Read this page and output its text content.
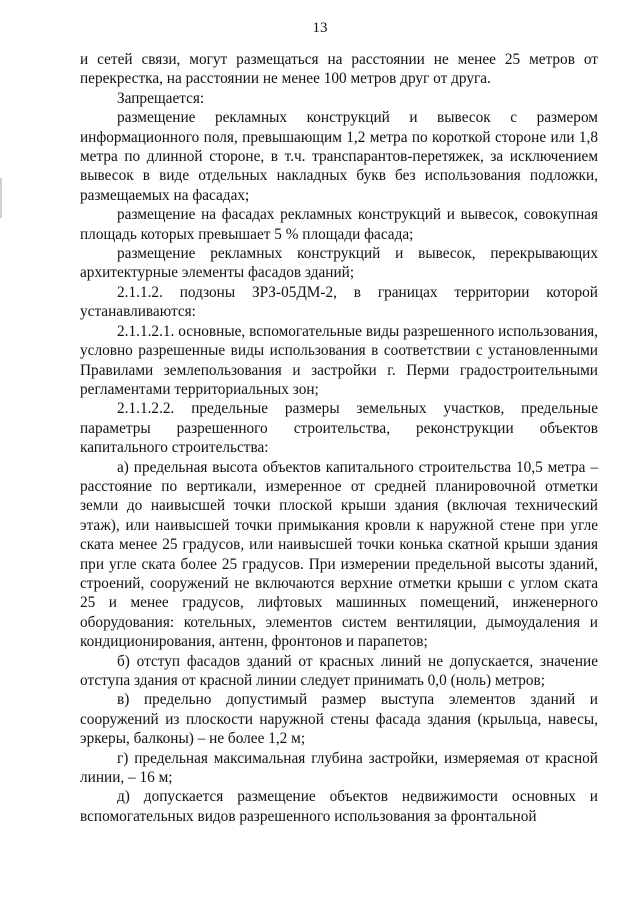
13

и сетей связи, могут размещаться на расстоянии не менее 25 метров от перекрестка, на расстоянии не менее 100 метров друг от друга.

Запрещается:

размещение рекламных конструкций и вывесок с размером информационного поля, превышающим 1,2 метра по короткой стороне или 1,8 метра по длинной стороне, в т.ч. транспарантов-перетяжек, за исключением вывесок в виде отдельных накладных букв без использования подложки, размещаемых на фасадах;

размещение на фасадах рекламных конструкций и вывесок, совокупная площадь которых превышает 5 % площади фасада;

размещение рекламных конструкций и вывесок, перекрывающих архитектурные элементы фасадов зданий;

2.1.1.2. подзоны ЗРЗ-05ДМ-2, в границах территории которой устанавливаются:

2.1.1.2.1. основные, вспомогательные виды разрешенного использования, условно разрешенные виды использования в соответствии с установленными Правилами землепользования и застройки г. Перми градостроительными регламентами территориальных зон;

2.1.1.2.2. предельные размеры земельных участков, предельные параметры разрешенного строительства, реконструкции объектов капитального строительства:

а) предельная высота объектов капитального строительства 10,5 метра – расстояние по вертикали, измеренное от средней планировочной отметки земли до наивысшей точки плоской крыши здания (включая технический этаж), или наивысшей точки примыкания кровли к наружной стене при угле ската менее 25 градусов, или наивысшей точки конька скатной крыши здания при угле ската более 25 градусов. При измерении предельной высоты зданий, строений, сооружений не включаются верхние отметки крыши с углом ската 25 и менее градусов, лифтовых машинных помещений, инженерного оборудования: котельных, элементов систем вентиляции, дымоудаления и кондиционирования, антенн, фронтонов и парапетов;

б) отступ фасадов зданий от красных линий не допускается, значение отступа здания от красной линии следует принимать 0,0 (ноль) метров;

в) предельно допустимый размер выступа элементов зданий и сооружений из плоскости наружной стены фасада здания (крыльца, навесы, эркеры, балконы) – не более 1,2 м;

г) предельная максимальная глубина застройки, измеряемая от красной линии, – 16 м;

д) допускается размещение объектов недвижимости основных и вспомогательных видов разрешенного использования за фронтальной
